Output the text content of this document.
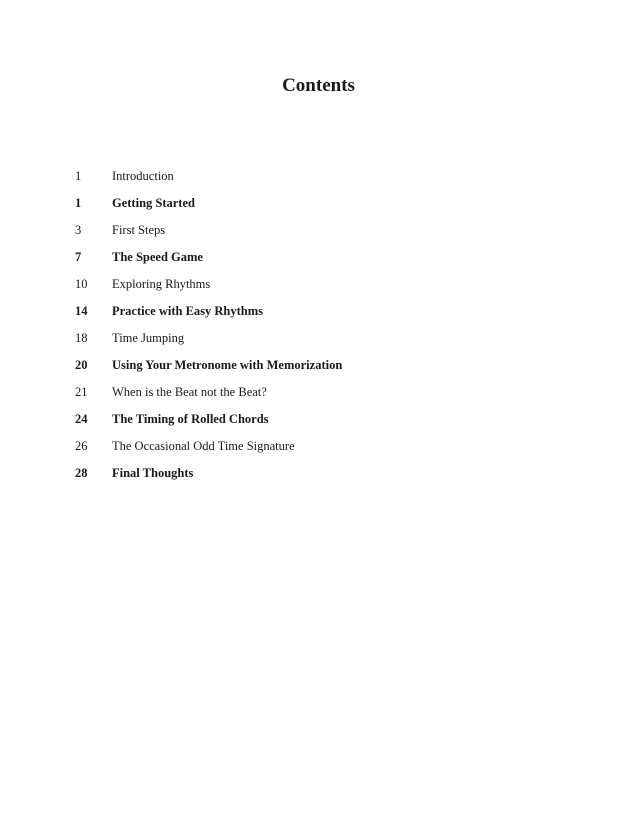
Contents
1	Introduction
1	Getting Started
3	First Steps
7	The Speed Game
10	Exploring Rhythms
14	Practice with Easy Rhythms
18	Time Jumping
20	Using Your Metronome with Memorization
21	When is the Beat not the Beat?
24	The Timing of Rolled Chords
26	The Occasional Odd Time Signature
28	Final Thoughts
